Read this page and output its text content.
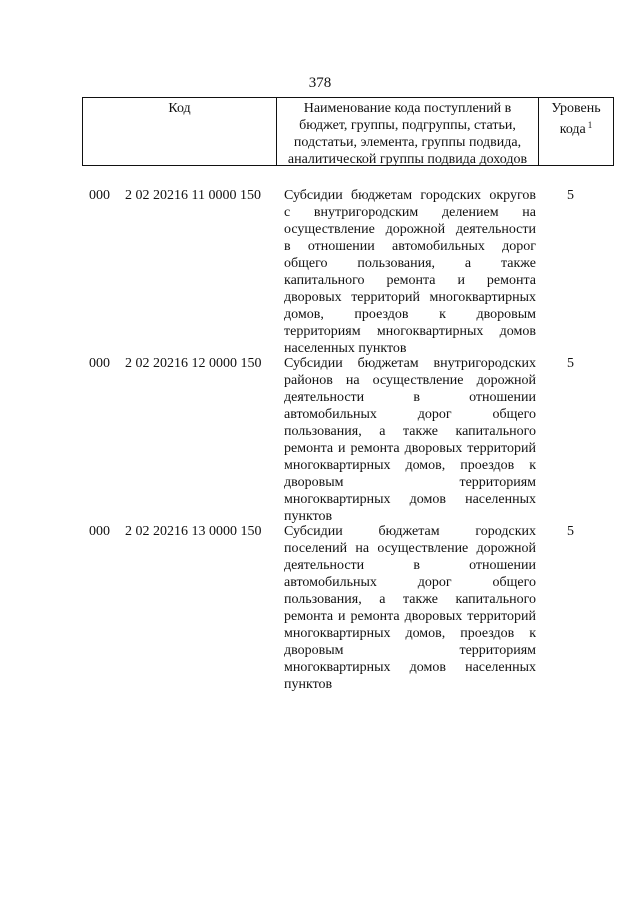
378
Код	Наименование кода поступлений в
бюджет, группы, подгруппы, статьи,
подстатьи, элемента, группы подвида,
аналитической группы подвида доходов
Уровень
кода $^1$
000 2 02 20216 11 0000 150 Субсидии бюджетам городских округов
с внутригородским делением на
осуществление дорожной деятельности
в отношении автомобильных дорог
общего пользования, а также
капитального ремонта и ремонта
дворовых территорий многоквартирных
домов, проездов к дворовым
территориям многоквартирных домов
населенных пунктов
5
000 2 02 20216 12 0000 150 Субсидии бюджетам внутригородских
районов на осуществление дорожной
деятельности в отношении
автомобильных дорог общего
пользования, а также капитального
ремонта и ремонта дворовых территорий
многоквартирных домов, проездов к
дворовым территориям
многоквартирных домов населенных
пунктов
5
000 2 02 20216 13 0000 150 Субсидии бюджетам городских
поселений на осуществление дорожной
деятельности в отношении
автомобильных дорог общего
пользования, а также капитального
ремонта и ремонта дворовых территорий
многоквартирных домов, проездов к
дворовым территориям
многоквартирных домов населенных
пунктов
5
